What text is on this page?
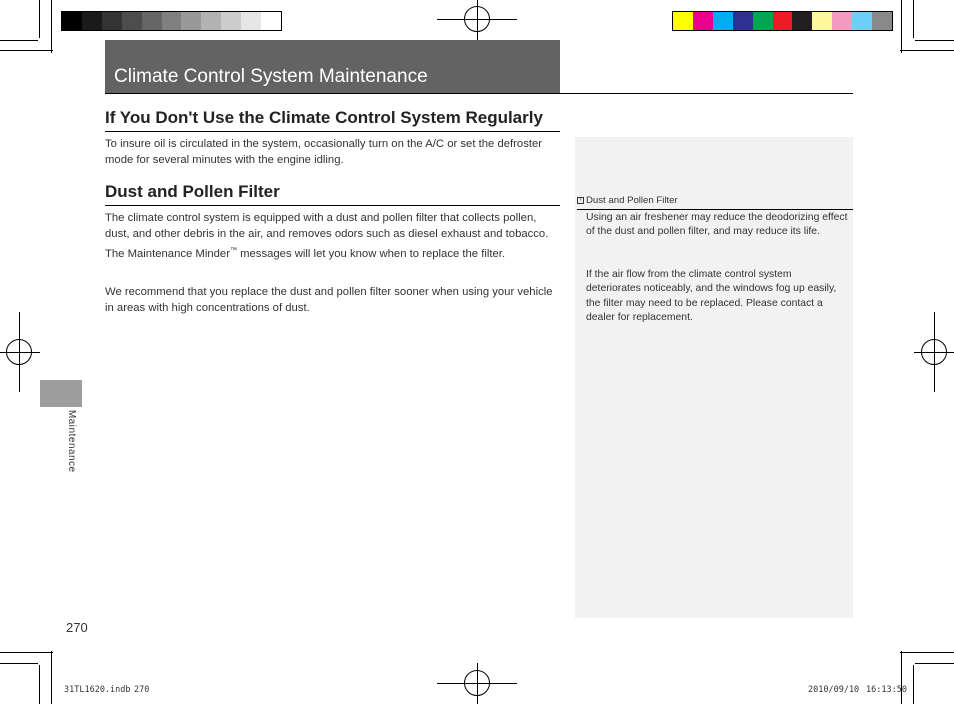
Climate Control System Maintenance
If You Don't Use the Climate Control System Regularly
To insure oil is circulated in the system, occasionally turn on the A/C or set the defroster mode for several minutes with the engine idling.
Dust and Pollen Filter
The climate control system is equipped with a dust and pollen filter that collects pollen, dust, and other debris in the air, and removes odors such as diesel exhaust and tobacco. The Maintenance Minder™ messages will let you know when to replace the filter.
We recommend that you replace the dust and pollen filter sooner when using your vehicle in areas with high concentrations of dust.
› Dust and Pollen Filter
Using an air freshener may reduce the deodorizing effect of the dust and pollen filter, and may reduce its life.
If the air flow from the climate control system deteriorates noticeably, and the windows fog up easily, the filter may need to be replaced. Please contact a dealer for replacement.
Maintenance
270
31TL1620.indb 270	2010/09/10 16:13:50
